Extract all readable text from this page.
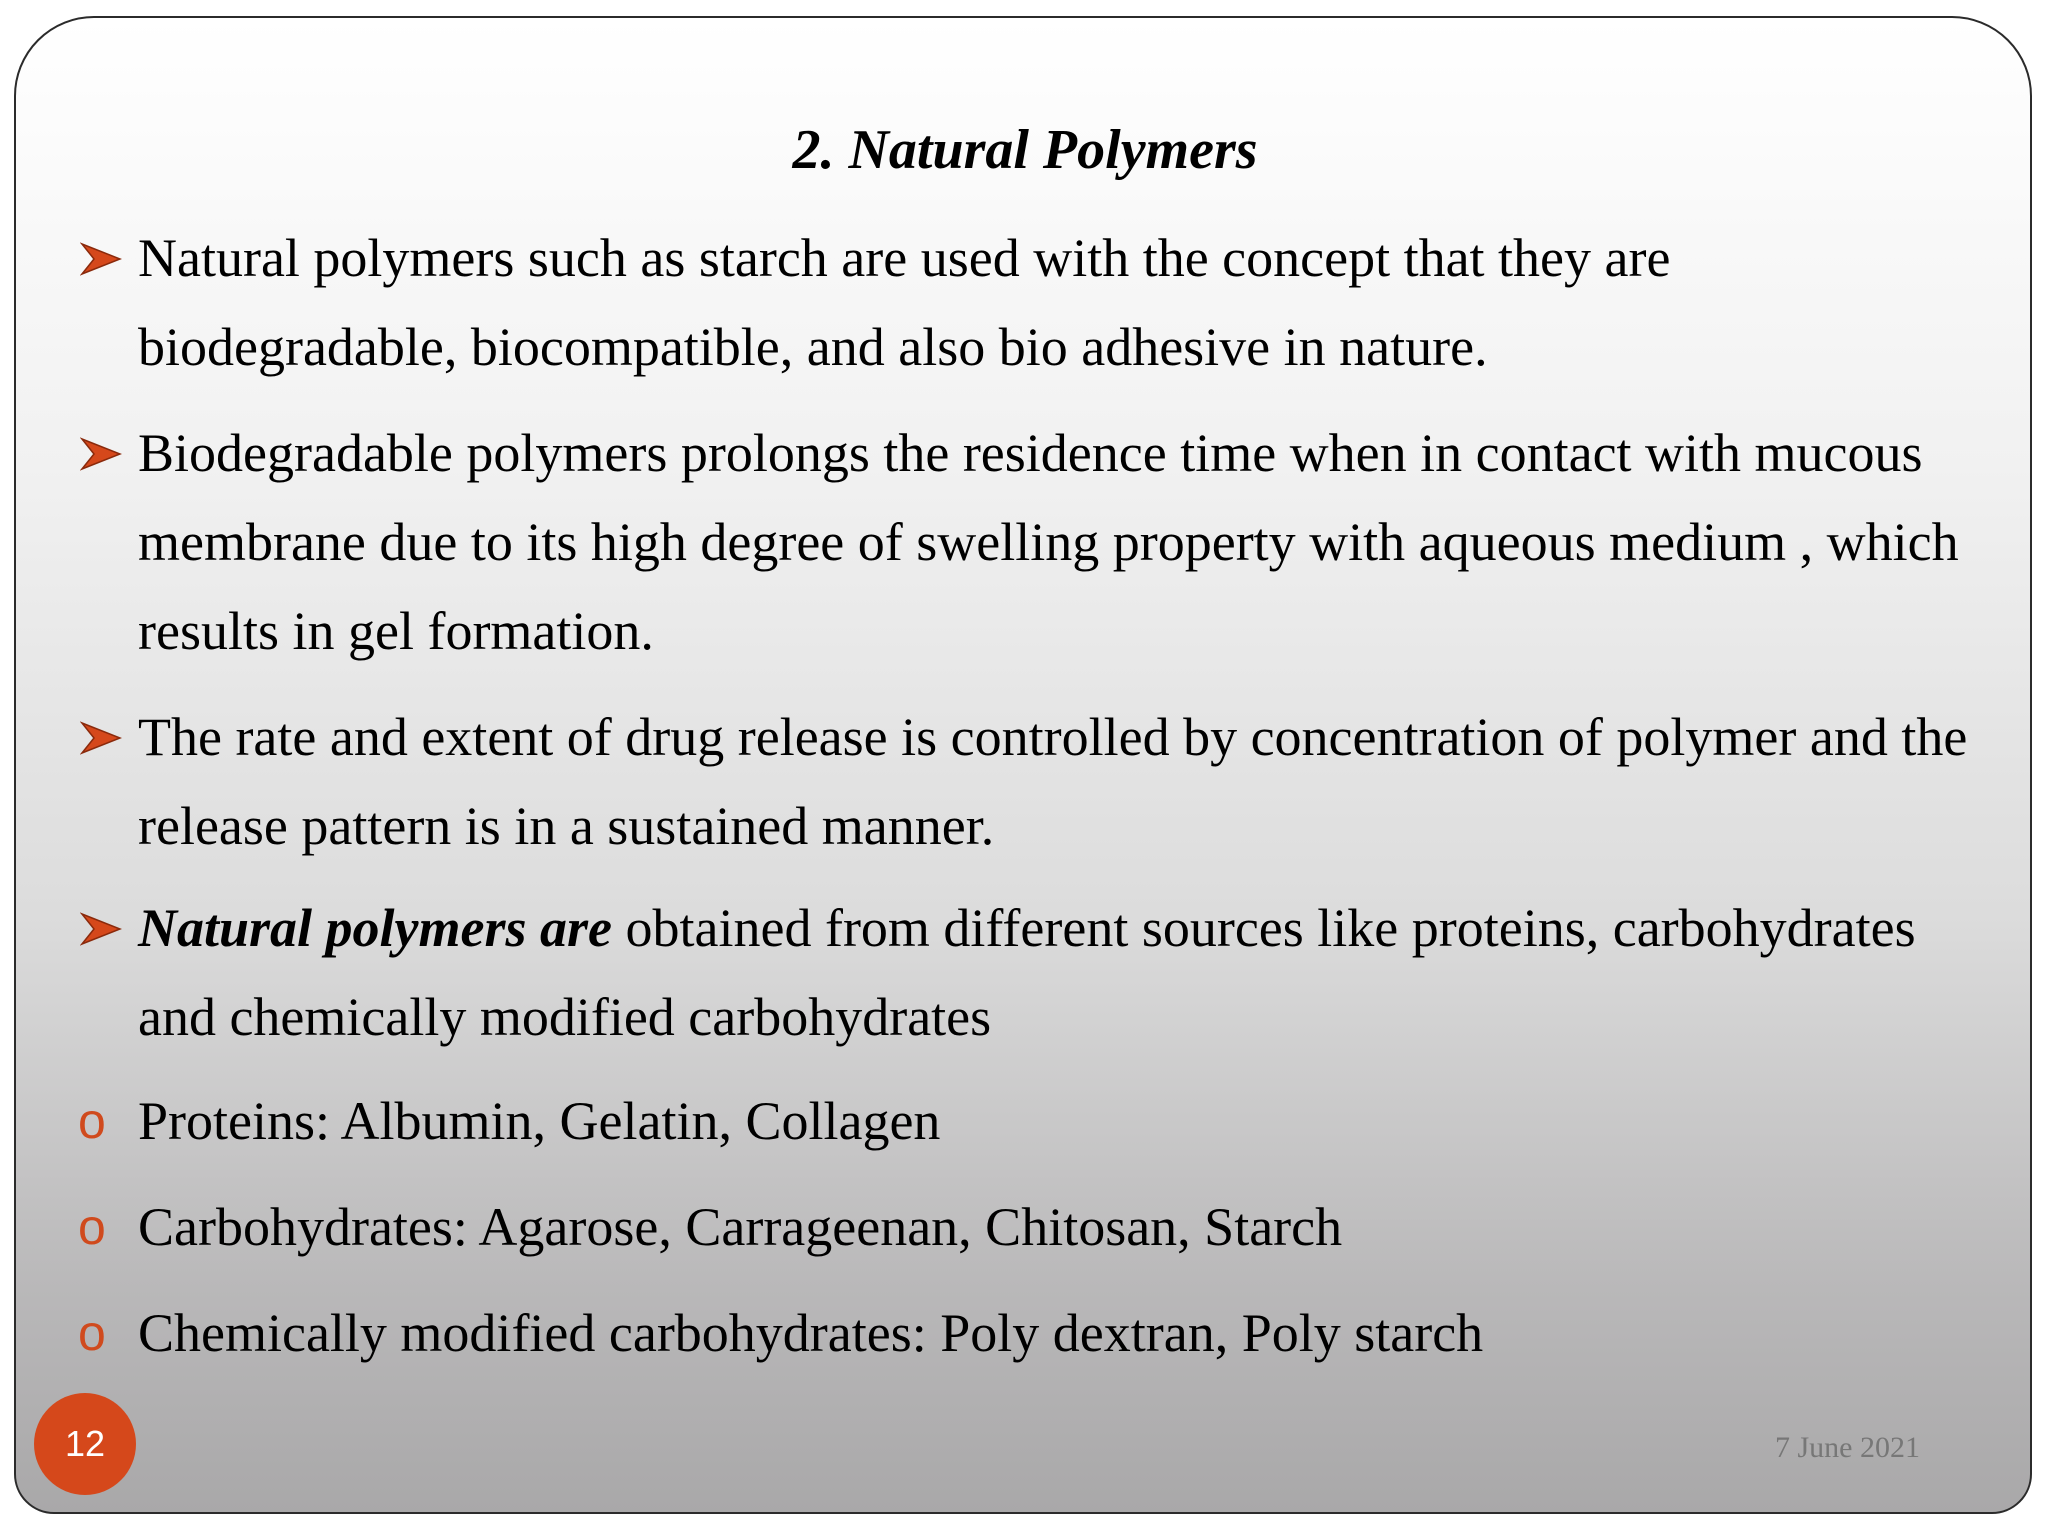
2. Natural Polymers
Natural polymers such as starch are used with the concept that they are biodegradable, biocompatible, and also bio adhesive in nature.
Biodegradable polymers prolongs the residence time when in contact with mucous membrane due to its high degree of swelling property with aqueous medium , which results in gel formation.
The rate and extent of drug release is controlled by concentration of polymer and the release pattern is in a sustained manner.
Natural polymers are obtained from different sources like proteins, carbohydrates and chemically modified carbohydrates
o Proteins: Albumin, Gelatin, Collagen
o Carbohydrates: Agarose, Carrageenan, Chitosan, Starch
o Chemically modified carbohydrates: Poly dextran, Poly starch
12	7 June 2021
